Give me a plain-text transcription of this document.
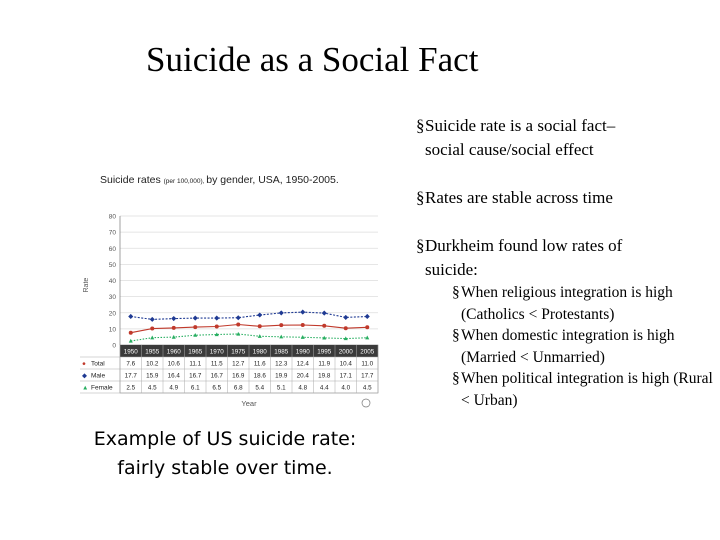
Suicide as a Social Fact
§ Suicide rate is a social fact–
social cause/social effect
§ Rates are stable across time
§ Durkheim found low rates of
suicide:
§ When religious integration is high (Catholics < Protestants)
§ When domestic integration is high (Married < Unmarried)
§ When political integration is high (Rural < Urban)
Suicide rates (per 100,000), by gender, USA, 1950-2005.
0
10
20
30
40
50
60
70
80
Rate
1950 1955 1960 1965 1970 1975 1980 1985 1990 1995 2000 2005
● Total	7.6 10.2 10.6 11.1 11.5 12.7 11.6 12.3 12.4 11.9 10.4 11.0
◆ Male	17.7 15.9 16.4 16.7 16.7 16.9 18.6 19.9 20.4 19.8 17.1 17.7
▲ Female 2.5 4.5 4.9 6.1 6.5 6.8 5.4 5.1 4.8 4.4 4.0 4.5
Year
Example of US suicide rate:
fairly stable over time.
